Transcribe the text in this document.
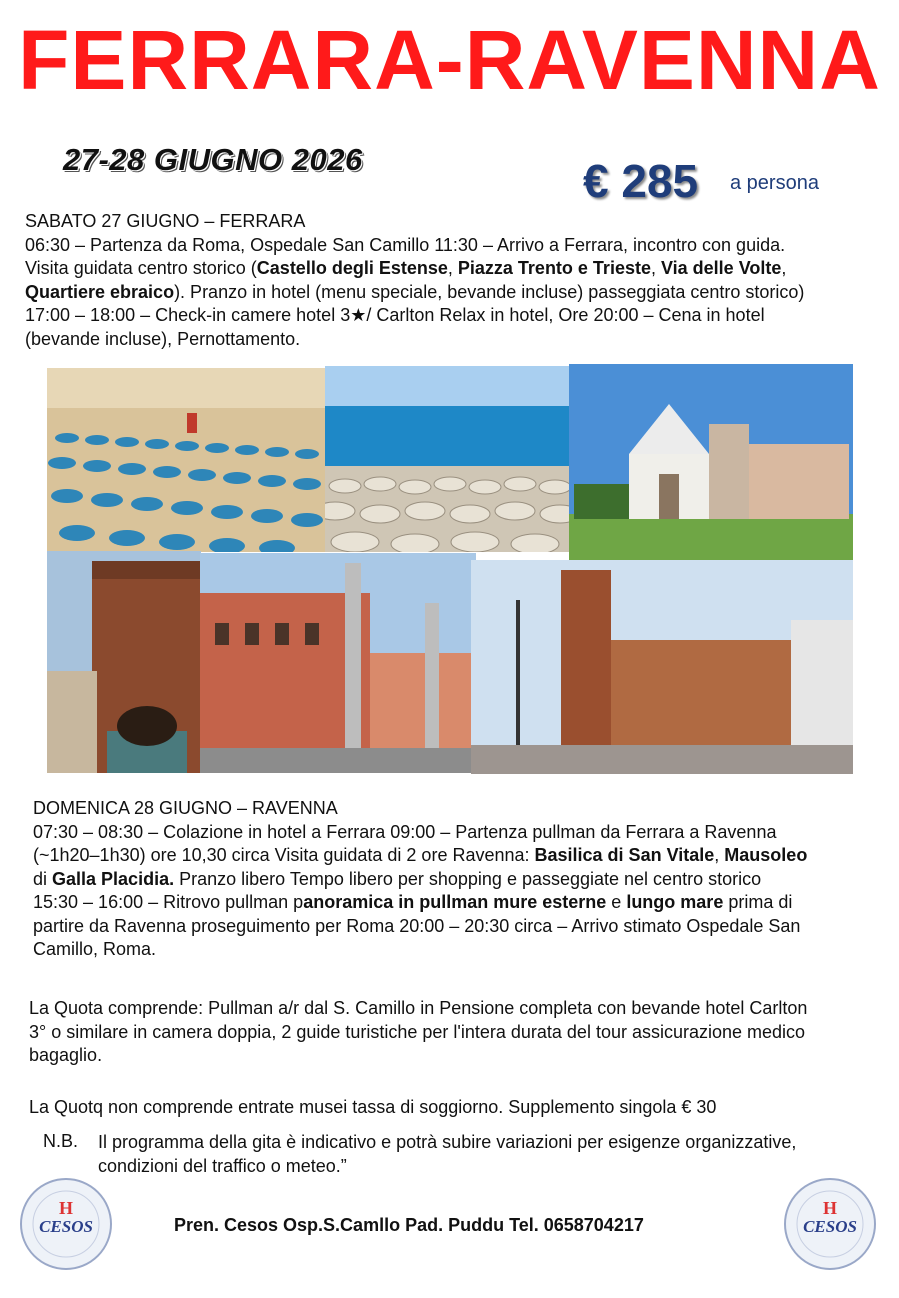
FERRARA-RAVENNA
27-28 GIUGNO 2026	€ 285 a persona
SABATO 27 GIUGNO – FERRARA
06:30 – Partenza da Roma, Ospedale San Camillo 11:30 – Arrivo a Ferrara, incontro con guida.
Visita guidata centro storico (Castello degli Estense, Piazza Trento e Trieste, Via delle Volte,
Quartiere ebraico). Pranzo in hotel (menu speciale, bevande incluse) passeggiata centro storico)
17:00 – 18:00 – Check-in camere hotel 3★/ Carlton Relax in hotel, Ore 20:00 – Cena in hotel
(bevande incluse), Pernottamento.
DOMENICA 28 GIUGNO – RAVENNA
07:30 – 08:30 – Colazione in hotel a Ferrara 09:00 – Partenza pullman da Ferrara a Ravenna
(~1h20–1h30) ore 10,30 circa Visita guidata di 2 ore Ravenna: Basilica di San Vitale, Mausoleo
di Galla Placidia. Pranzo libero Tempo libero per shopping e passeggiate nel centro storico
15:30 – 16:00 – Ritrovo pullman panoramica in pullman mure esterne e lungo mare prima di
partire da Ravenna proseguimento per Roma 20:00 – 20:30 circa – Arrivo stimato Ospedale San
Camillo, Roma.
La Quota comprende: Pullman a/r dal S. Camillo in Pensione completa con bevande hotel Carlton
3° o similare in camera doppia, 2 guide turistiche per l'intera durata del tour assicurazione medico
bagaglio.
La Quotq non comprende entrate musei tassa di soggiorno. Supplemento singola € 30
N.B. Il programma della gita è indicativo e potrà subire variazioni per esigenze organizzative,
condizioni del traffico o meteo.”
H
CESOS
H
CESOS
Pren. Cesos Osp.S.Camllo Pad. Puddu Tel. 0658704217
